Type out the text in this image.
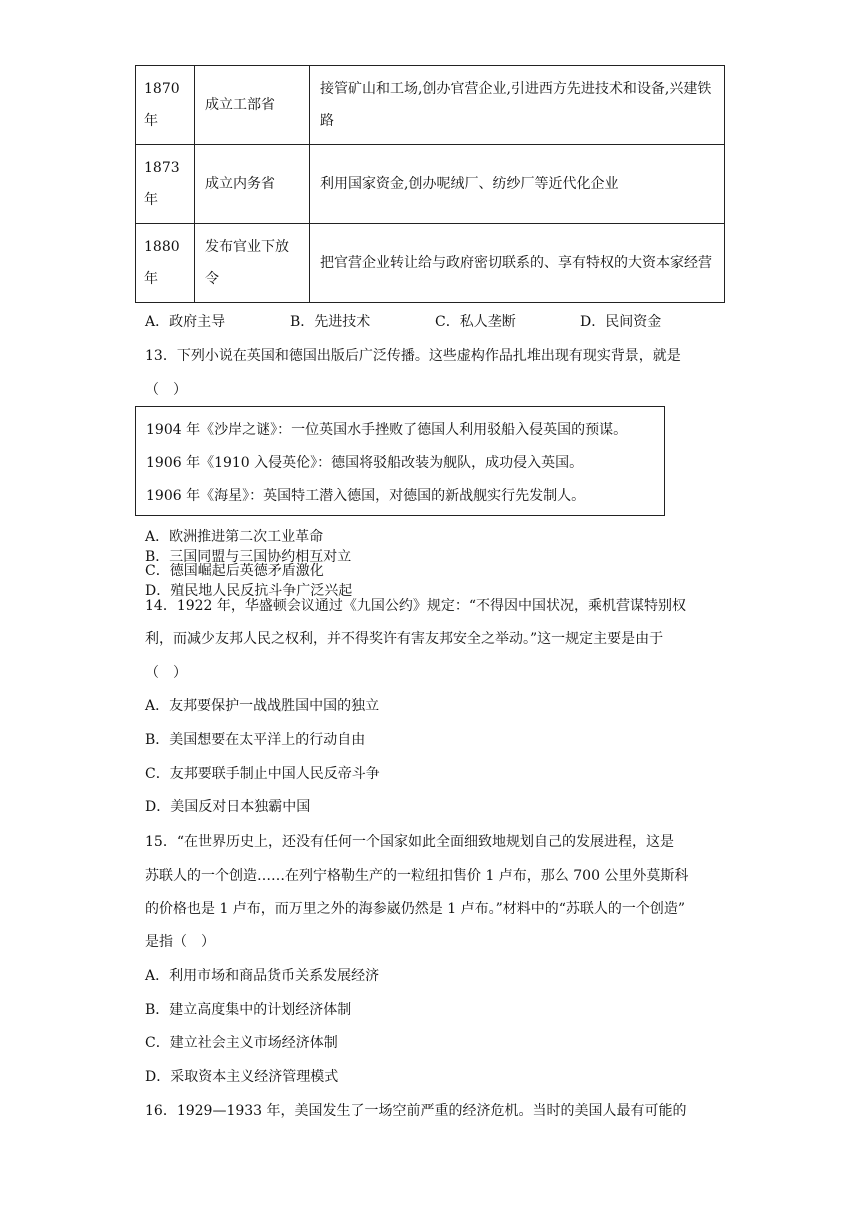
1870年	成立工部省	接管矿山和工场,创办官营企业,引进西方先进技术和设备,兴建铁路
1873年	成立内务省	利用国家资金,创办呢绒厂、纺纱厂等近代化企业
1880年	发布官业下放令	把官营企业转让给与政府密切联系的、享有特权的大资本家经营
A．政府主导	B．先进技术	C．私人垄断	D．民间资金
13．下列小说在英国和德国出版后广泛传播。这些虚构作品扎堆出现有现实背景，就是
（　）
1904 年《沙岸之谜》：一位英国水手挫败了德国人利用驳船入侵英国的预谋。
1906 年《1910 入侵英伦》：德国将驳船改装为舰队，成功侵入英国。
1906 年《海星》：英国特工潜入德国，对德国的新战舰实行先发制人。
A．欧洲推进第二次工业革命B．三国同盟与三国协约相互对立
C．德国崛起后英德矛盾激化D．殖民地人民反抗斗争广泛兴起
14．1922 年，华盛顿会议通过《九国公约》规定：“不得因中国状况，乘机营谋特别权
利，而减少友邦人民之权利，并不得奖许有害友邦安全之举动。”这一规定主要是由于
（　）
A．友邦要保护一战战胜国中国的独立
B．美国想要在太平洋上的行动自由
C．友邦要联手制止中国人民反帝斗争
D．美国反对日本独霸中国
15．“在世界历史上，还没有任何一个国家如此全面细致地规划自己的发展进程，这是
苏联人的一个创造……在列宁格勒生产的一粒纽扣售价 1 卢布，那么 700 公里外莫斯科
的价格也是 1 卢布，而万里之外的海参崴仍然是 1 卢布。”材料中的“苏联人的一个创造”
是指（　）
A．利用市场和商品货币关系发展经济
B．建立高度集中的计划经济体制
C．建立社会主义市场经济体制
D．采取资本主义经济管理模式
16．1929—1933 年，美国发生了一场空前严重的经济危机。当时的美国人最有可能的
